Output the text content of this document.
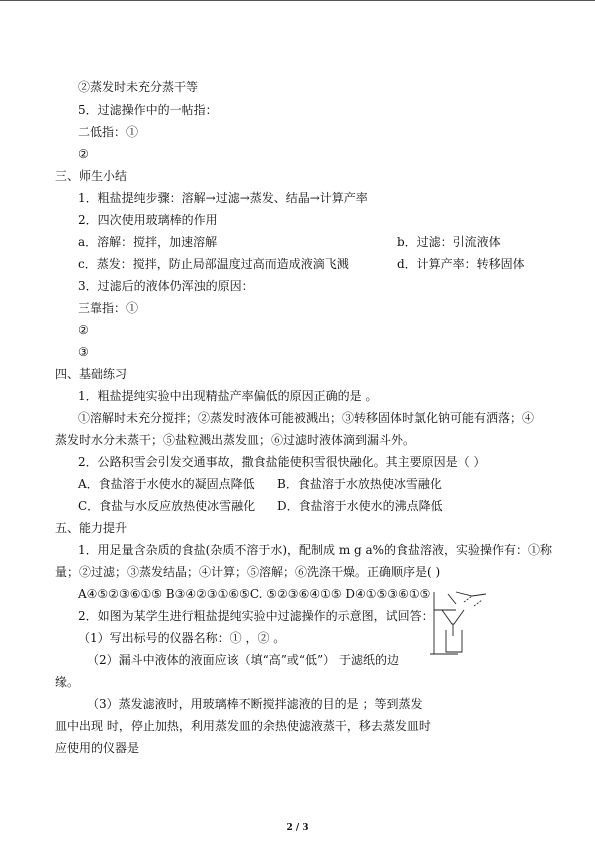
②蒸发时未充分蒸干等
5．过滤操作中的一帖指：
二低指：①
②
三、师生小结
1．粗盐提纯步骤：溶解→过滤→蒸发、结晶→计算产率
2．四次使用玻璃棒的作用
a．溶解：搅拌，加速溶解	b．过滤：引流液体
c．蒸发：搅拌，防止局部温度过高而造成液滴飞溅	d．计算产率：转移固体
3．过滤后的液体仍浑浊的原因：
三靠指：①
②
③
四、基础练习
1．粗盐提纯实验中出现精盐产率偏低的原因正确的是 。
①溶解时未充分搅拌；②蒸发时液体可能被溅出；③转移固体时氯化钠可能有洒落；④
蒸发时水分未蒸干；⑤盐粒溅出蒸发皿；⑥过滤时液体滴到漏斗外。
2．公路积雪会引发交通事故，撒食盐能使积雪很快融化。其主要原因是（ ）
A．食盐溶于水使水的凝固点降低 B．食盐溶于水放热使冰雪融化
C．食盐与水反应放热使冰雪融化 D．食盐溶于水使水的沸点降低
五、能力提升
1．用足量含杂质的食盐(杂质不溶于水)，配制成 m g a%的食盐溶液，实验操作有：①称
量；②过滤；③蒸发结晶；④计算；⑤溶解；⑥洗涤干燥。正确顺序是( )
A④⑤②③⑥①⑤ B③④②③①⑥⑤C. ⑤②③⑥④①⑤ D④①⑤③⑥①⑤
2．如图为某学生进行粗盐提纯实验中过滤操作的示意图，试回答：
（1）写出标号的仪器名称：① ，② 。
（2）漏斗中液体的液面应该（填“高”或“低”） 于滤纸的边
缘。
（3）蒸发滤液时，用玻璃棒不断搅拌滤液的目的是 ；等到蒸发
皿中出现 时，停止加热，利用蒸发皿的余热使滤液蒸干，移去蒸发皿时
应使用的仪器是
2 / 3
